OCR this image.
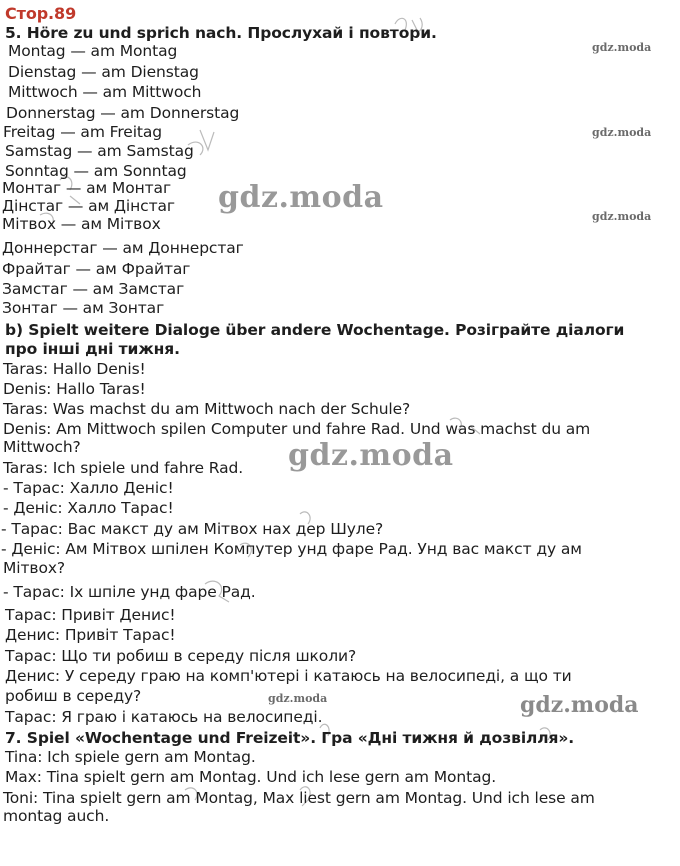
Стор.89
5. Höre zu und sprich nach. Прослухай і повтори.
Montag — am Montag
Dienstag — am Dienstag
Mittwoch — am Mittwoch
Donnerstag — am Donnerstag
Freitag — am Freitag
Samstag — am Samstag
Sonntag — am Sonntag
Монтаг — ам Монтаг
Дінстаг — ам Дінстаг
Мітвох — ам Мітвох
Доннерстаг — ам Доннерстаг
Фрайтаг — ам Фрайтаг
Замстаг — ам Замстаг
Зонтаг — ам Зонтаг
b) Spielt weitere Dialoge über andere Wochentage. Розіграйте діалоги
про інші дні тижня.
Taras: Hallo Denis!
Denis: Hallo Taras!
Taras: Was machst du am Mittwoch nach der Schule?
Denis: Am Mittwoch spilen Computer und fahre Rad. Und was machst du am
Mittwoch?
Taras: Ich spiele und fahre Rad.
- Тарас: Халло Деніс!
- Деніс: Халло Тарас!
- Тарас: Вас макст ду ам Мітвох нах дер Шуле?
- Деніс: Ам Мітвох шпілен Компутер унд фаре Рад. Унд вас макст ду ам
Мітвох?
- Тарас: Іх шпіле унд фаре Рад.
Тарас: Привіт Денис!
Денис: Привіт Тарас!
Тарас: Що ти робиш в середу після школи?
Денис: У середу граю на комп'ютері і катаюсь на велосипеді, а що ти
робиш в середу?
Тарас: Я граю і катаюсь на велосипеді.
7. Spiel «Wochentage und Freizeit». Гра «Дні тижня й дозвілля».
Tina: Ich spiele gern am Montag.
Max: Tina spielt gern am Montag. Und ich lese gern am Montag.
Toni: Tina spielt gern am Montag, Max liest gern am Montag. Und ich lese am
montag auch.
gdz.moda
gdz.moda
gdz.moda
gdz.moda
gdz.moda
gdz.moda	gdz.moda
